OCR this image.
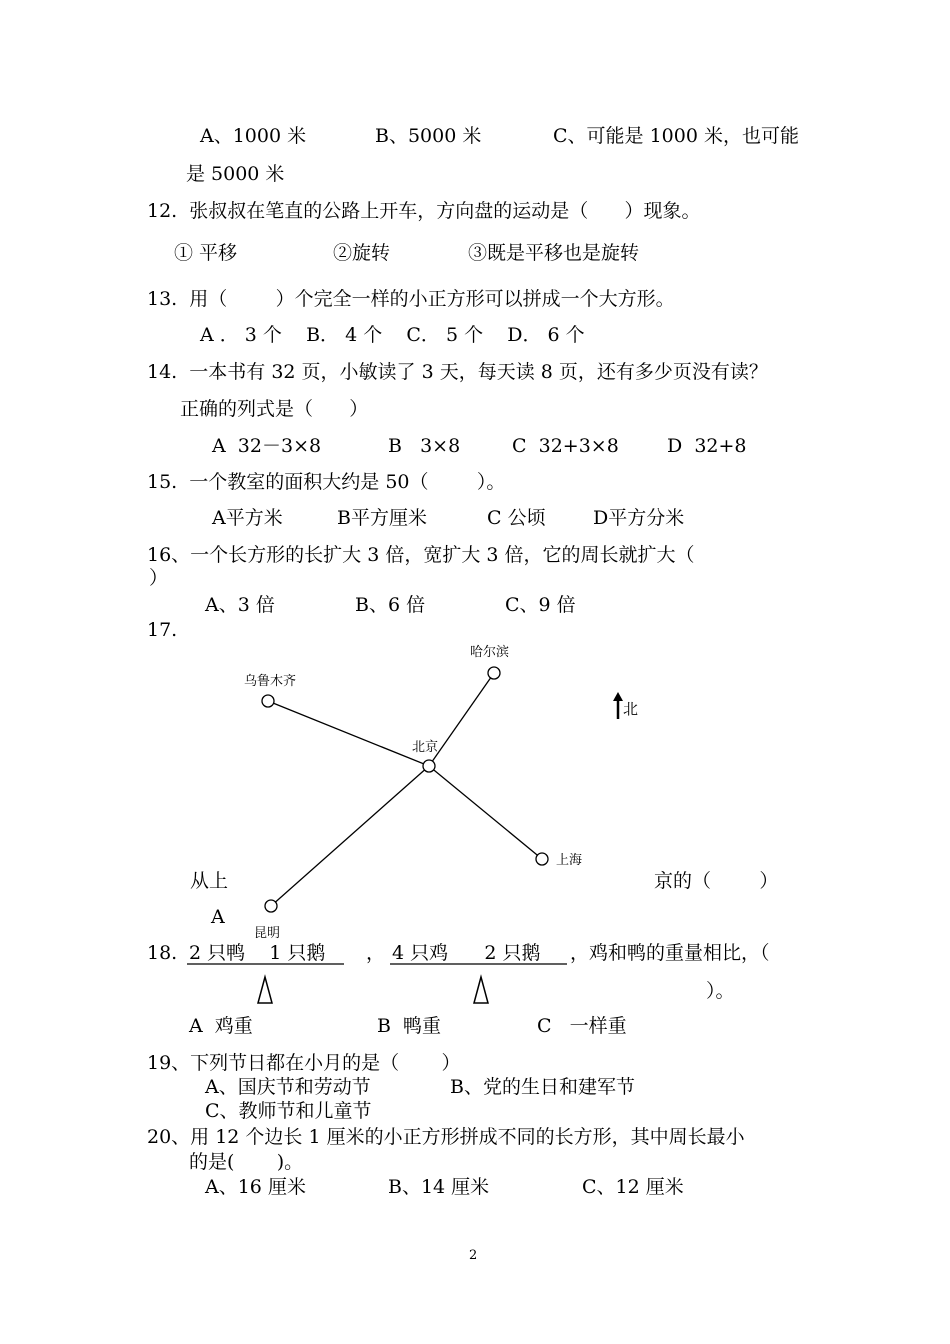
A、1000 米	B、5000 米	C、可能是 1000 米，也可能
是 5000 米
12.  张叔叔在笔直的公路上开车，方向盘的运动是（      ）现象。
① 平移	②旋转	③既是平移也是旋转
13.  用（        ）个完全一样的小正方形可以拼成一个大方形。
A ． 3 个    B． 4 个    C． 5 个    D． 6 个
14.  一本书有 32 页，小敏读了 3 天，每天读 8 页，还有多少页没有读？
正确的列式是（      ）
A  32－3×8	B   3×8	C  32+3×8	D  32+8
15.  一个教室的面积大约是 50（        ）。
A平方米	B平方厘米	C 公顷 D平方分米
16、一个长方形的长扩大 3 倍，宽扩大 3 倍，它的周长就扩大（
）
A、3 倍	B、6 倍	C、9 倍
17.
从上	京的（        ）
A
哈尔滨
乌鲁木齐
北京
上海
昆明
北
18. 2 只鸭    1 只鹅 ， 4 只鸡      2 只鹅 ，鸡和鸭的重量相比，（
）。
A  鸡重	B  鸭重	C   一样重
19、下列节日都在小月的是（       ）
A、国庆节和劳动节	B、党的生日和建军节
C、教师节和儿童节
20、用 12 个边长 1 厘米的小正方形拼成不同的长方形，其中周长最小
的是(       )。
A、16 厘米	B、14 厘米	C、12 厘米
2
